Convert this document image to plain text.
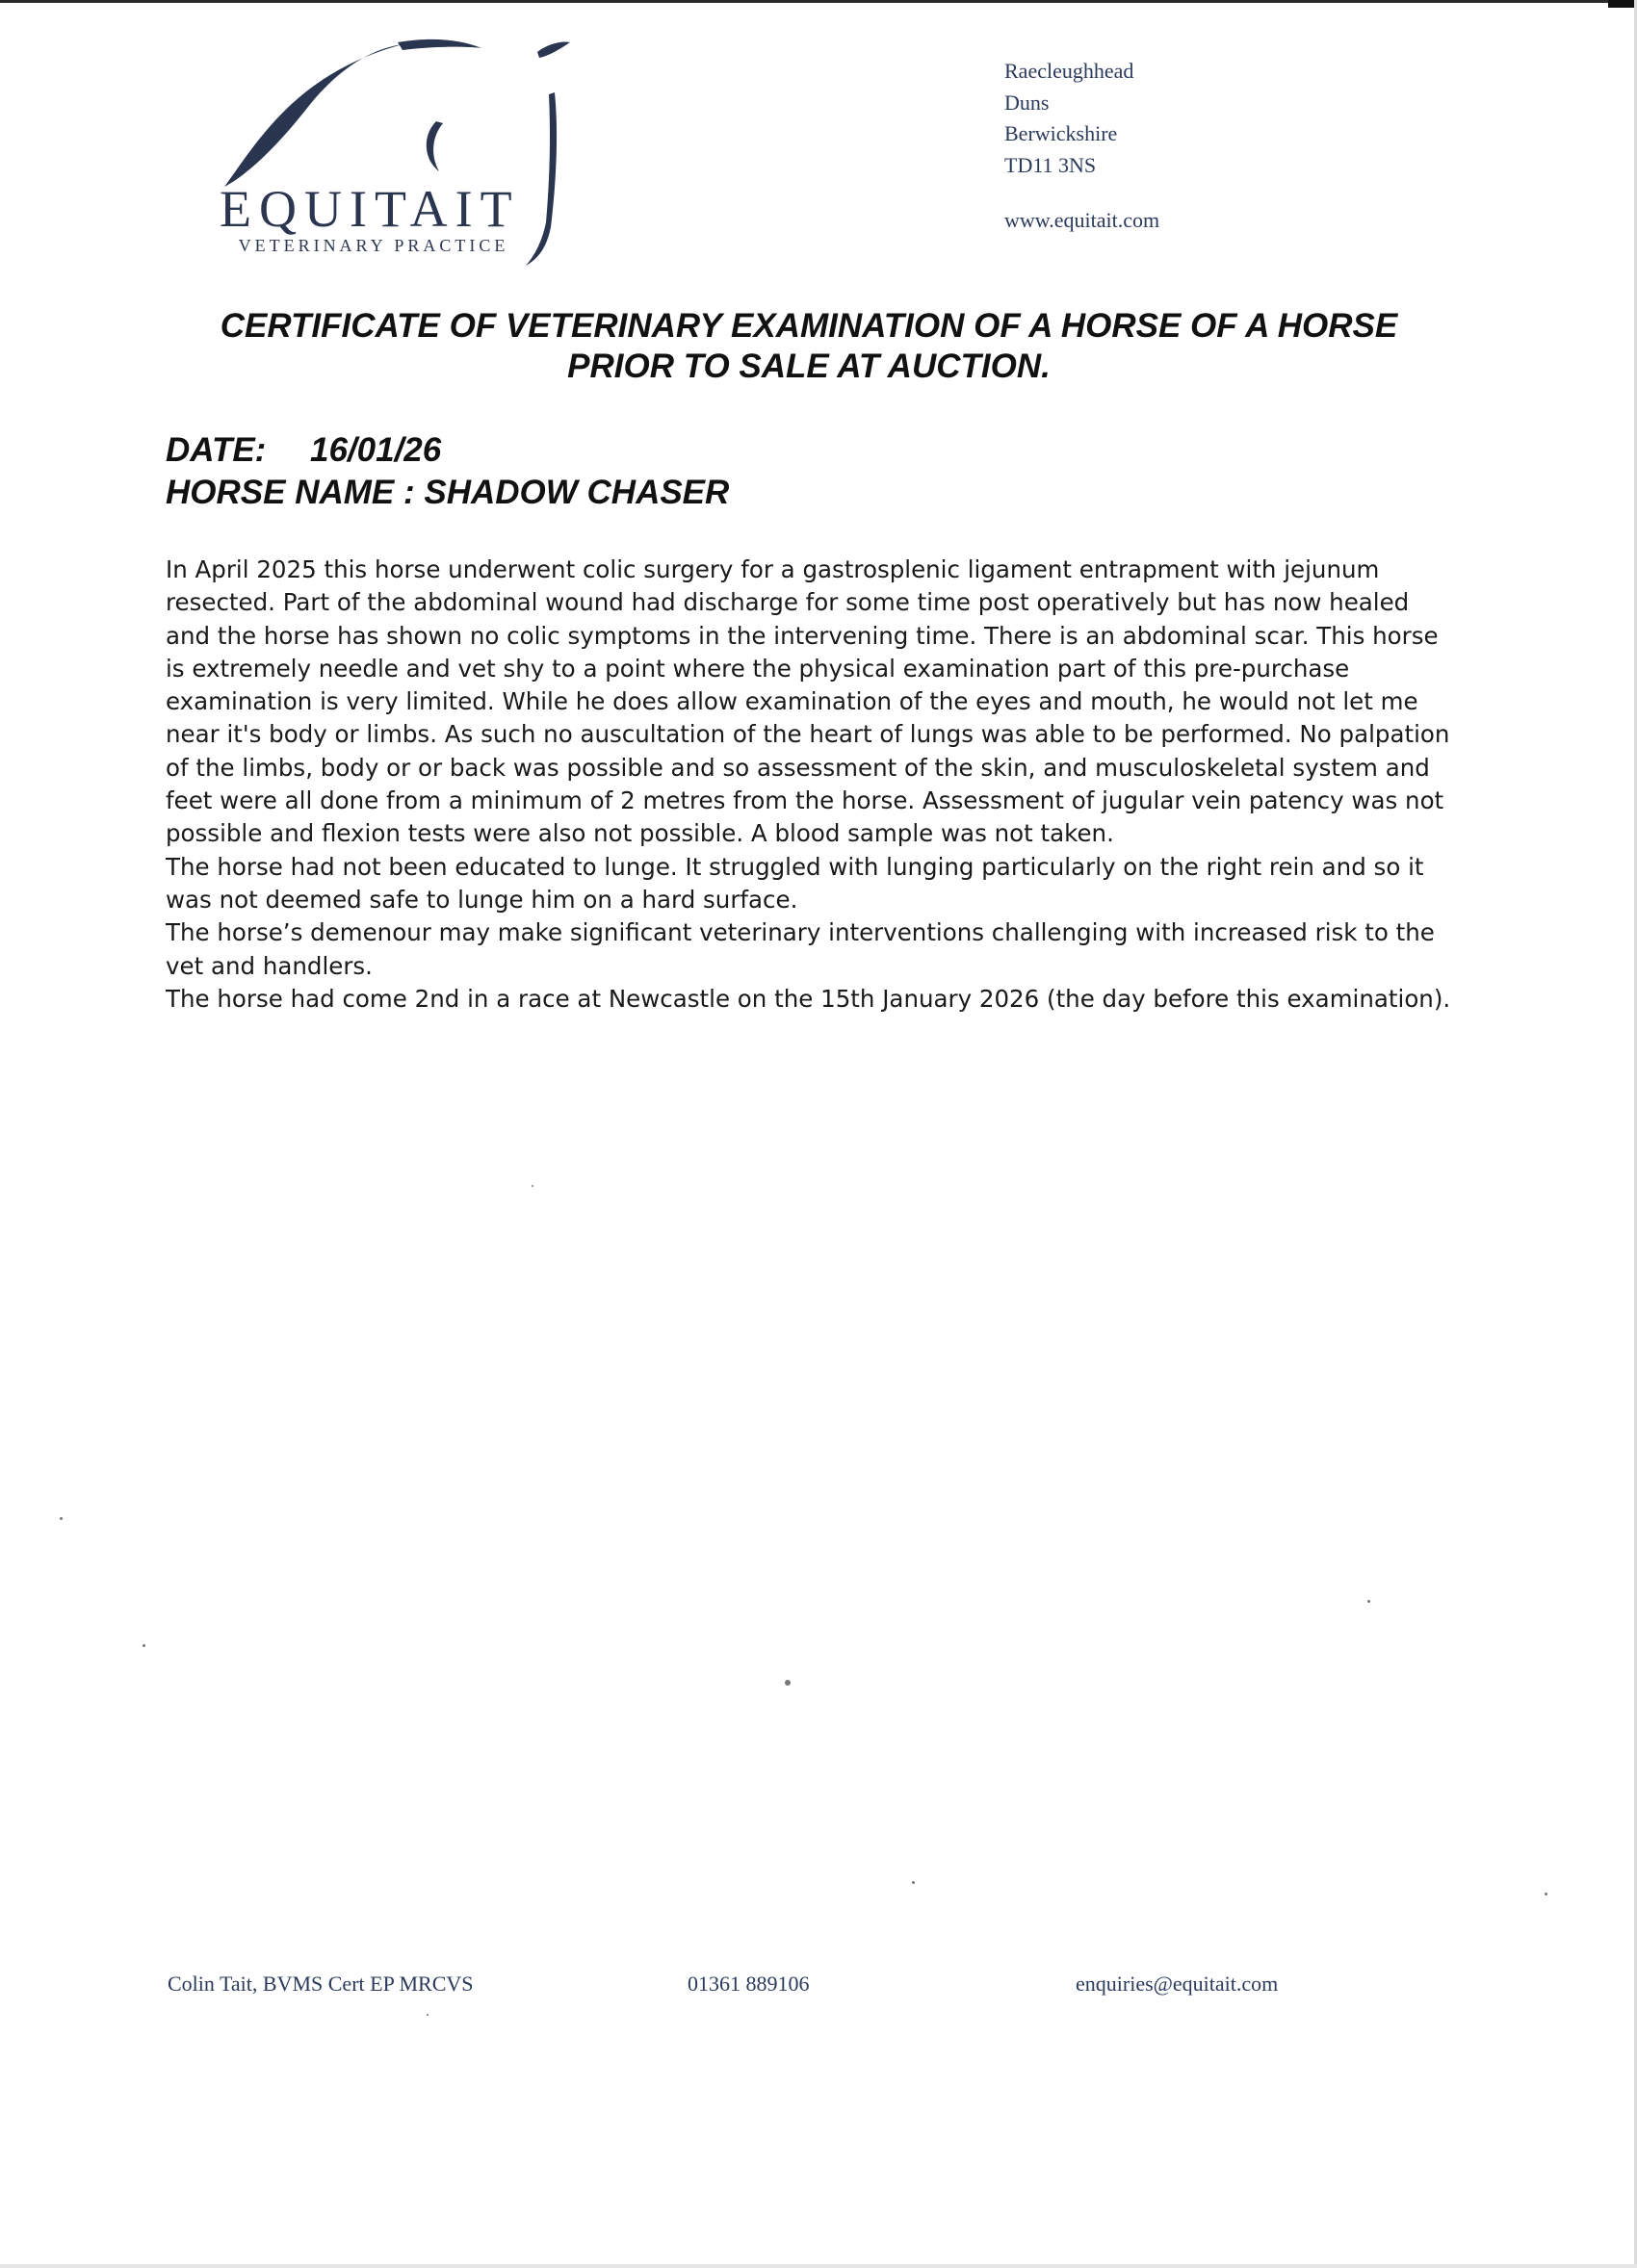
EQUITAIT
VETERINARY PRACTICE
Raecleughhead
Duns
Berwickshire
TD11 3NS
www.equitait.com
CERTIFICATE OF VETERINARY EXAMINATION OF A HORSE OF A HORSE
PRIOR TO SALE AT AUCTION.
DATE: 16/01/26
HORSE NAME : SHADOW CHASER

In April 2025 this horse underwent colic surgery for a gastrosplenic ligament entrapment with jejunum resected. Part of the abdominal wound had discharge for some time post operatively but has now healed and the horse has shown no colic symptoms in the intervening time. There is an abdominal scar. This horse is extremely needle and vet shy to a point where the physical examination part of this pre-purchase examination is very limited. While he does allow examination of the eyes and mouth, he would not let me near it's body or limbs. As such no auscultation of the heart of lungs was able to be performed. No palpation of the limbs, body or or back was possible and so assessment of the skin, and musculoskeletal system and feet were all done from a minimum of 2 metres from the horse. Assessment of jugular vein patency was not possible and flexion tests were also not possible. A blood sample was not taken.

The horse had not been educated to lunge. It struggled with lunging particularly on the right rein and so it was not deemed safe to lunge him on a hard surface.

The horse’s demenour may make significant veterinary interventions challenging with increased risk to the vet and handlers.

The horse had come 2nd in a race at Newcastle on the 15th January 2026 (the day before this examination).

Colin Tait, BVMS Cert EP MRCVS	01361 889106	enquiries@equitait.com
